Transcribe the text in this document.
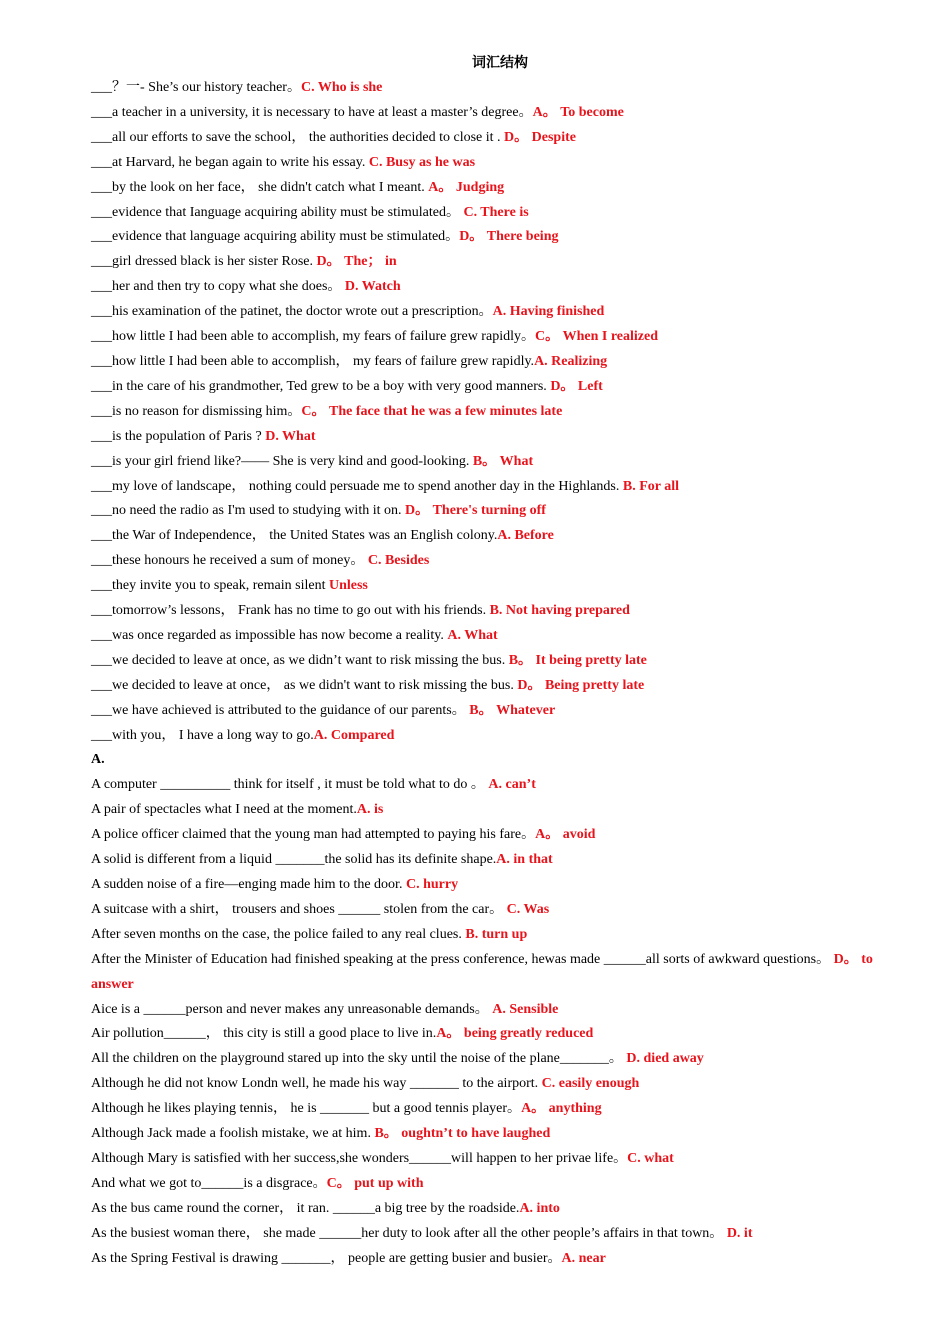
词汇结构
___？一- She’s our history teacher。C. Who is she
___a teacher in a university, it is necessary to have at least a master’s degree。A。 To become
___all our efforts to save the school， the authorities decided to close it . D。 Despite
___at Harvard, he began again to write his essay. C. Busy as he was
___by the look on her face， she didn't catch what I meant. A。 Judging
___evidence that Ianguage acquiring ability must be stimulated。 C. There is
___evidence that language acquiring ability must be stimulated。D。 There being
___girl dressed black is her sister Rose. D。 The； in
___her and then try to copy what she does。 D. Watch
___his examination of the patinet, the doctor wrote out a prescription。A. Having finished
___how little I had been able to accomplish, my fears of failure grew rapidly。C。 When I realized
___how little I had been able to accomplish， my fears of failure grew rapidly.A. Realizing
___in the care of his grandmother, Ted grew to be a boy with very good manners. D。 Left
___is no reason for dismissing him。C。 The face that he was a few minutes late
___is the population of Paris ? D. What
___is your girl friend like?—— She is very kind and good-looking. B。 What
___my love of landscape， nothing could persuade me to spend another day in the Highlands. B. For all
___no need the radio as I'm used to studying with it on. D。 There's turning off
___the War of Independence， the United States was an English colony.A. Before
___these honours he received a sum of money。 C. Besides
___they invite you to speak, remain silent Unless
___tomorrow’s lessons， Frank has no time to go out with his friends. B. Not having prepared
___was once regarded as impossible has now become a reality. A. What
___we decided to leave at once, as we didn’t want to risk missing the bus. B。 It being pretty late
___we decided to leave at once， as we didn't want to risk missing the bus. D。 Being pretty late
___we have achieved is attributed to the guidance of our parents。 B。 Whatever
___with you， I have a long way to go.A. Compared
A.
A computer __________ think for itself , it must be told what to do 。 A. can’t
A pair of spectacles what I need at the moment.A. is
A police officer claimed that the young man had attempted to paying his fare。A。 avoid
A solid is different from a liquid _______the solid has its definite shape.A. in that
A sudden noise of a fire—enging made him to the door. C. hurry
A suitcase with a shirt， trousers and shoes ______ stolen from the car。 C. Was
After seven months on the case, the police failed to any real clues. B. turn up
After the Minister of Education had finished speaking at the press conference, hewas made ______all sorts of awkward questions。 D。 to answer
Aice is a ______person and never makes any unreasonable demands。 A. Sensible
Air pollution______， this city is still a good place to live in.A。 being greatly reduced
All the children on the playground stared up into the sky until the noise of the plane_______。 D. died away
Although he did not know Londn well, he made his way _______ to the airport. C. easily enough
Although he likes playing tennis， he is _______ but a good tennis player。A。 anything
Although Jack made a foolish mistake, we at him. B。 oughtn’t to have laughed
Although Mary is satisfied with her success,she wonders______will happen to her privae life。C. what
And what we got to______is a disgrace。C。 put up with
As the bus came round the corner， it ran. ______a big tree by the roadside.A. into
As the busiest woman there， she made ______her duty to look after all the other people’s affairs in that town。 D. it
As the Spring Festival is drawing _______， people are getting busier and busier。A. near
